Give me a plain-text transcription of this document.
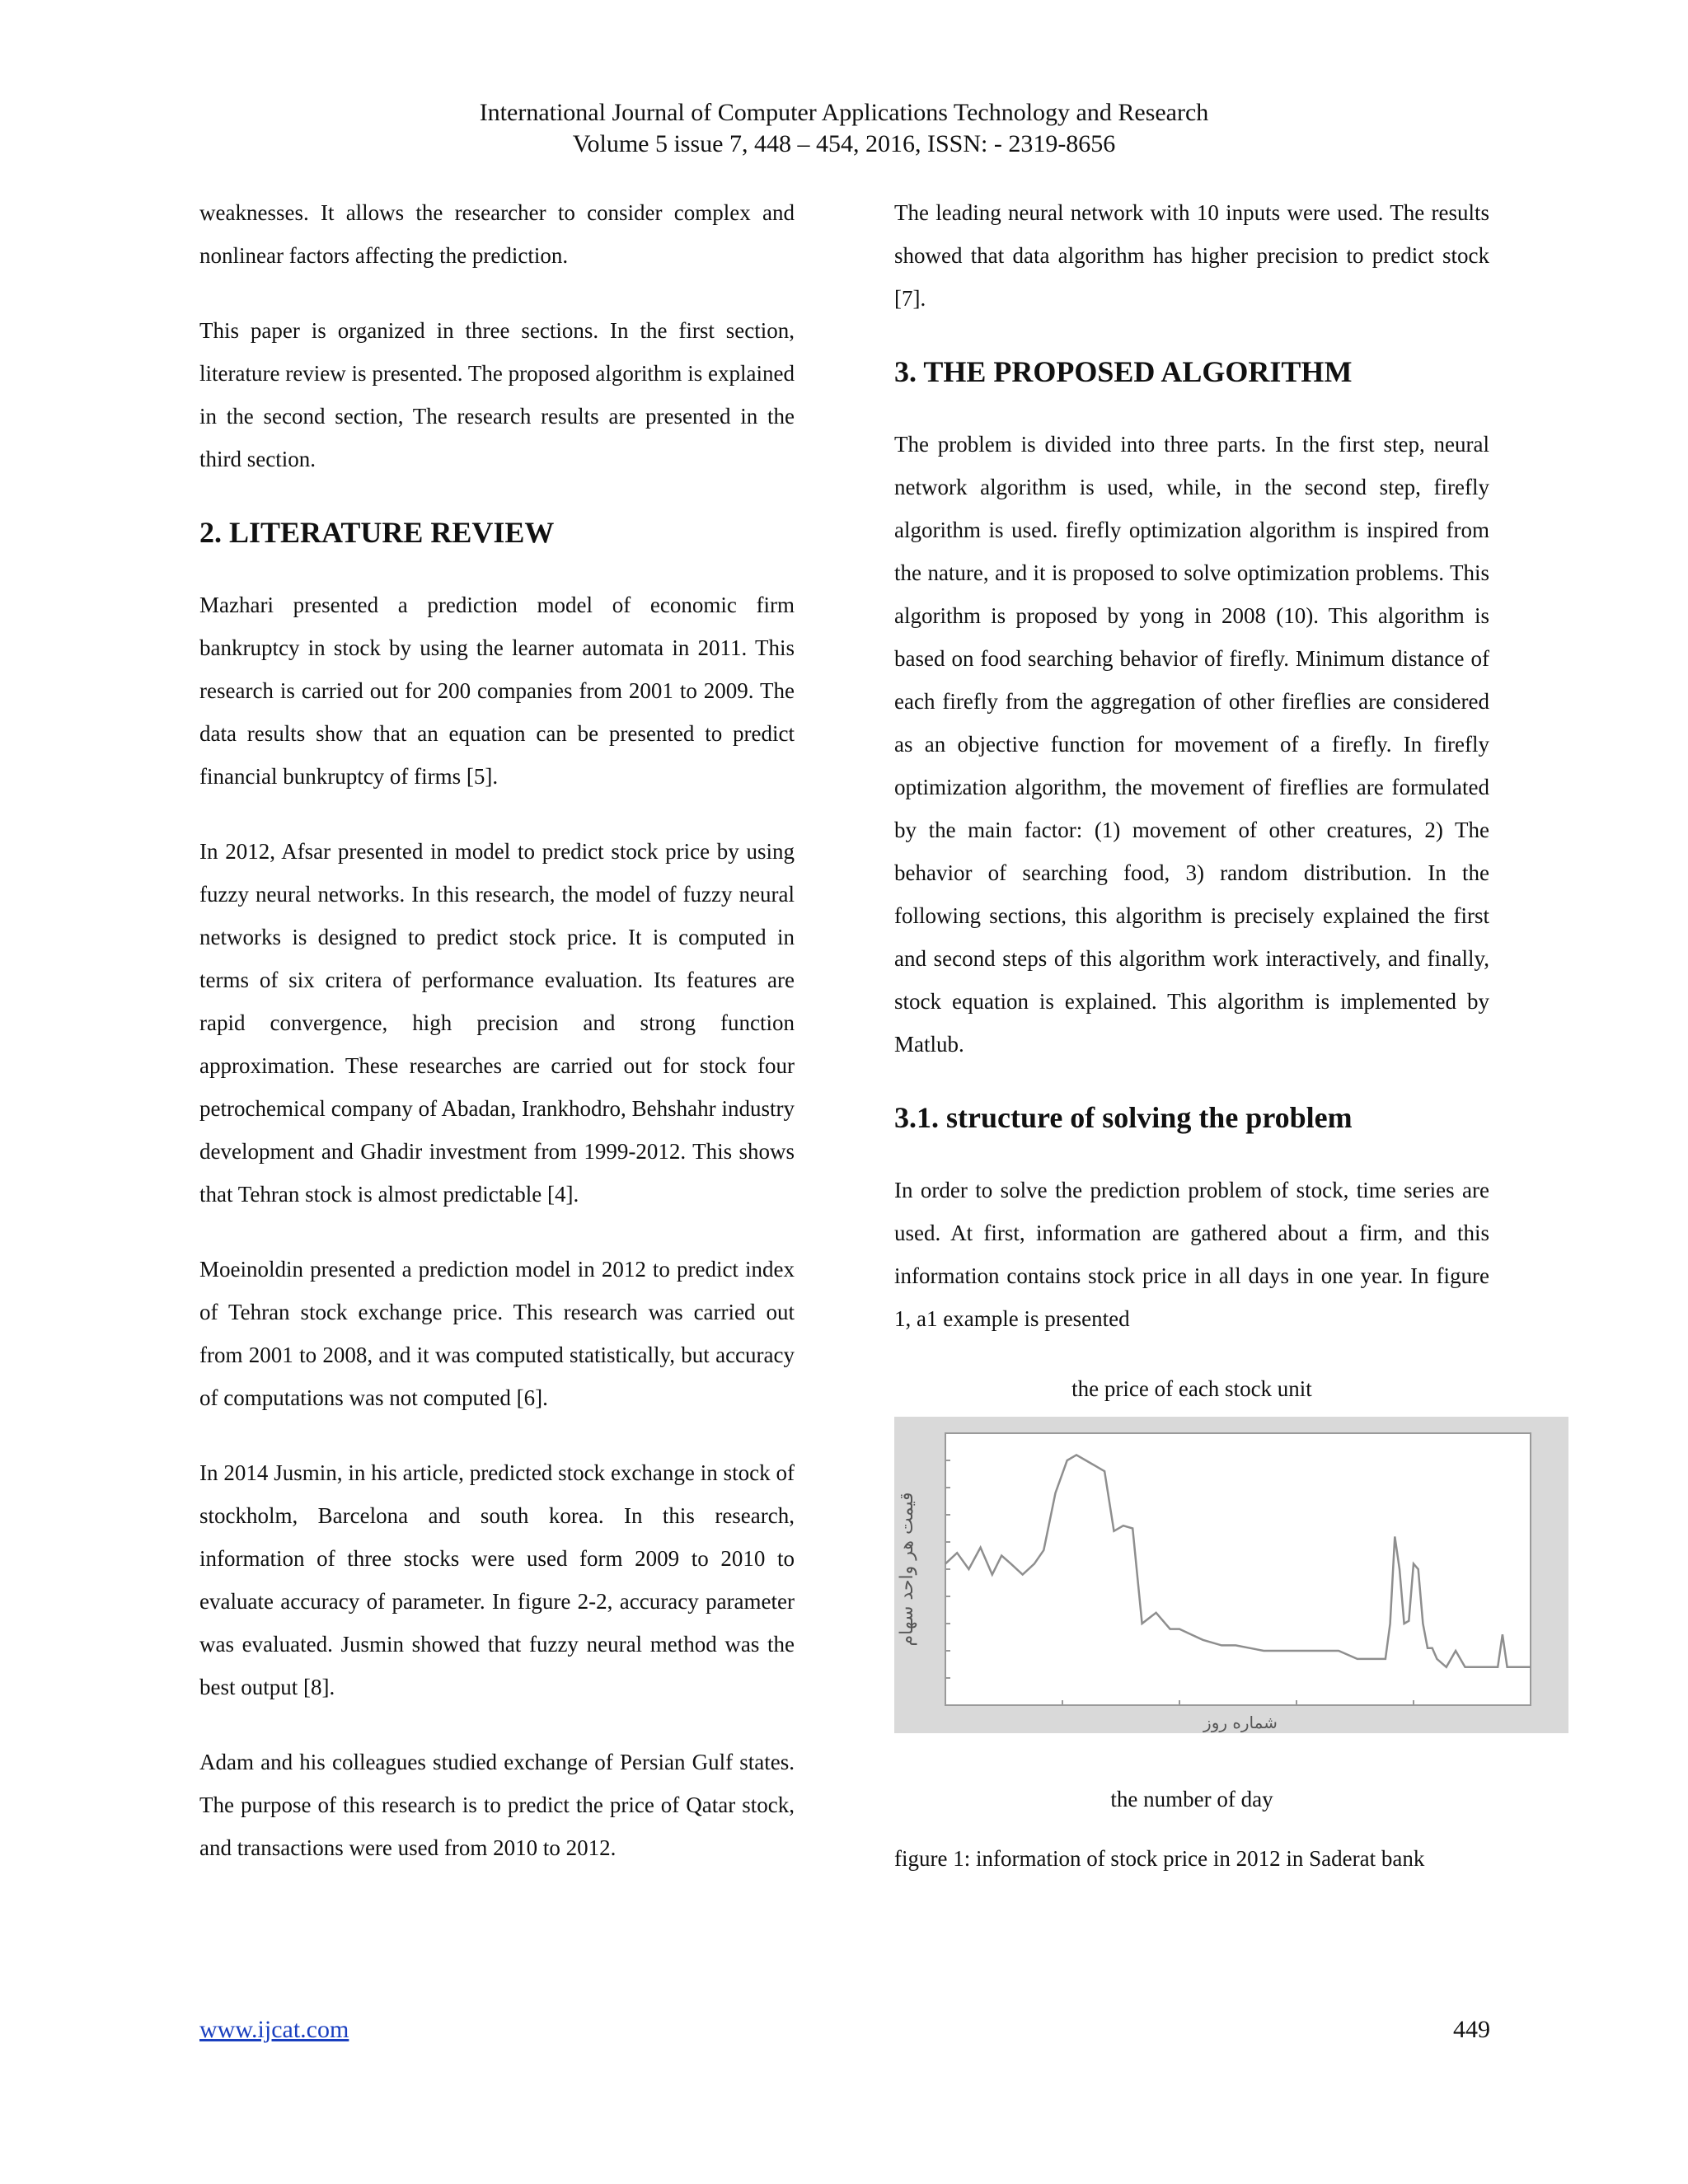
International Journal of Computer Applications Technology and Research
Volume 5 issue 7, 448 – 454, 2016, ISSN: - 2319-8656

weaknesses. It allows the researcher to consider complex and nonlinear factors affecting the prediction.

This paper is organized in three sections. In the first section, literature review is presented. The proposed algorithm is explained in the second section, The research results are presented in the third section.

2. LITERATURE REVIEW

Mazhari presented a prediction model of economic firm bankruptcy in stock by using the learner automata in 2011. This research is carried out for 200 companies from 2001 to 2009. The data results show that an equation can be presented to predict financial bunkruptcy of firms [5].

In 2012, Afsar presented in model to predict stock price by using fuzzy neural networks. In this research, the model of fuzzy neural networks is designed to predict stock price. It is computed in terms of six critera of performance evaluation. Its features are rapid convergence, high precision and strong function approximation. These researches are carried out for stock four petrochemical company of Abadan, Irankhodro, Behshahr industry development and Ghadir investment from 1999-2012. This shows that Tehran stock is almost predictable [4].

Moeinoldin presented a prediction model in 2012 to predict index of Tehran stock exchange price. This research was carried out from 2001 to 2008, and it was computed statistically, but accuracy of computations was not computed [6].

In 2014 Jusmin, in his article, predicted stock exchange in stock of stockholm, Barcelona and south korea. In this research, information of three stocks were used form 2009 to 2010 to evaluate accuracy of parameter. In figure 2-2, accuracy parameter was evaluated. Jusmin showed that fuzzy neural method was the best output [8].

Adam and his colleagues studied exchange of Persian Gulf states. The purpose of this research is to predict the price of Qatar stock, and transactions were used from 2010 to 2012.

The leading neural network with 10 inputs were used. The results showed that data algorithm has higher precision to predict stock [7].

3. THE PROPOSED ALGORITHM

The problem is divided into three parts. In the first step, neural network algorithm is used, while, in the second step, firefly algorithm is used. firefly optimization algorithm is inspired from the nature, and it is proposed to solve optimization problems. This algorithm is proposed by yong in 2008 (10). This algorithm is based on food searching behavior of firefly. Minimum distance of each firefly from the aggregation of other fireflies are considered as an objective function for movement of a firefly. In firefly optimization algorithm, the movement of fireflies are formulated by the main factor: (1) movement of other creatures, 2) The behavior of searching food, 3) random distribution. In the following sections, this algorithm is precisely explained the first and second steps of this algorithm work interactively, and finally, stock equation is explained. This algorithm is implemented by Matlub.

3.1. structure of solving the problem

In order to solve the prediction problem of stock, time series are used. At first, information are gathered about a firm, and this information contains stock price in all days in one year. In figure 1, a1 example is presented

the price of each stock unit
قیمت هر واحد سهام
شماره روز
the number of day

figure 1: information of stock price in 2012 in Saderat bank

www.ijcat.com	449
